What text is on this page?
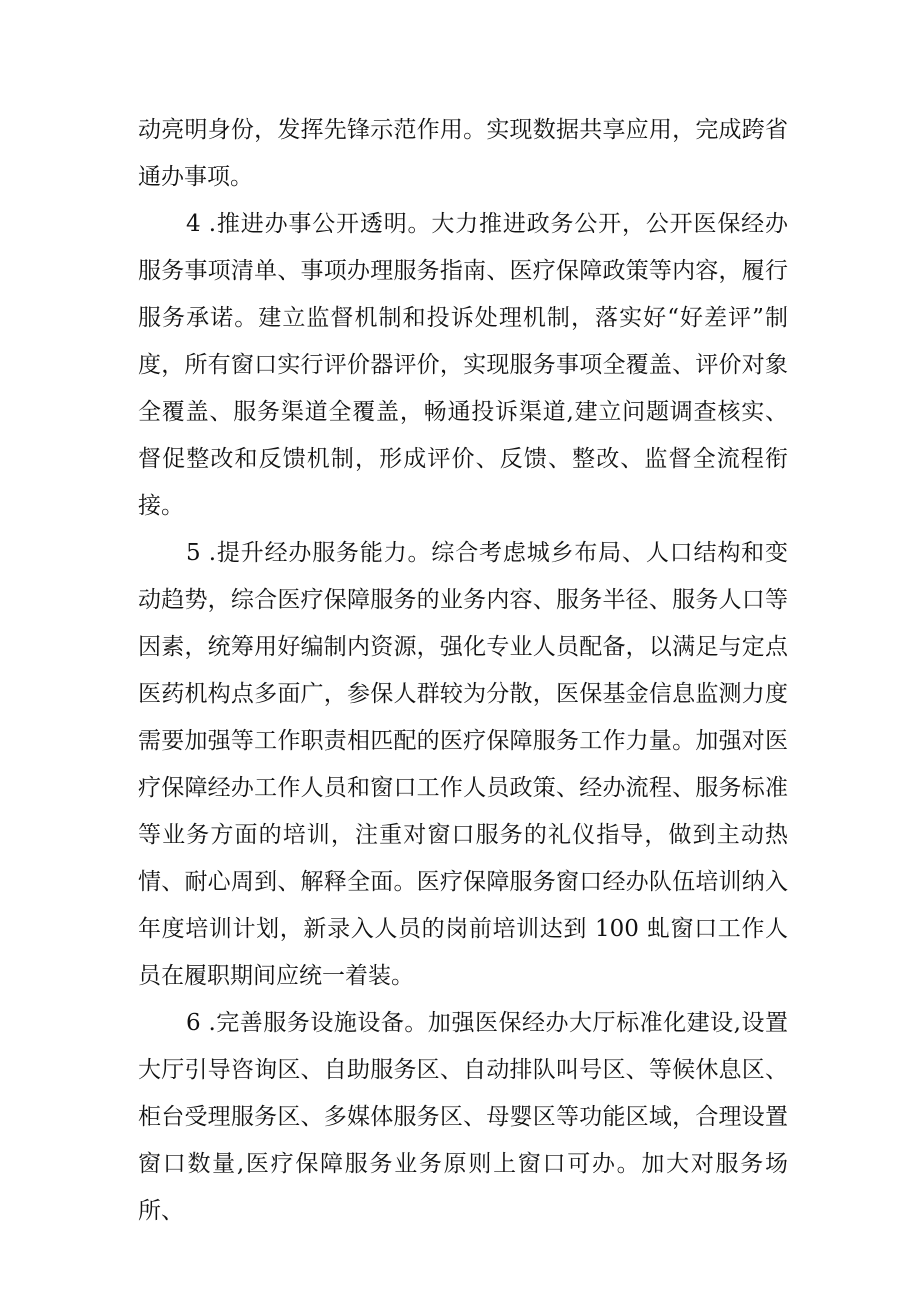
动亮明身份，发挥先锋示范作用。实现数据共享应用，完成跨省通办事项。

4 .推进办事公开透明。大力推进政务公开，公开医保经办服务事项清单、事项办理服务指南、医疗保障政策等内容，履行服务承诺。建立监督机制和投诉处理机制，落实好“好差评”制度，所有窗口实行评价器评价，实现服务事项全覆盖、评价对象全覆盖、服务渠道全覆盖，畅通投诉渠道,建立问题调查核实、督促整改和反馈机制，形成评价、反馈、整改、监督全流程衔接。

5 .提升经办服务能力。综合考虑城乡布局、人口结构和变动趋势，综合医疗保障服务的业务内容、服务半径、服务人口等因素，统筹用好编制内资源，强化专业人员配备，以满足与定点医药机构点多面广，参保人群较为分散，医保基金信息监测力度需要加强等工作职责相匹配的医疗保障服务工作力量。加强对医疗保障经办工作人员和窗口工作人员政策、经办流程、服务标准等业务方面的培训，注重对窗口服务的礼仪指导，做到主动热情、耐心周到、解释全面。医疗保障服务窗口经办队伍培训纳入年度培训计划，新录入人员的岗前培训达到 100 虬窗口工作人员在履职期间应统一着装。

6 .完善服务设施设备。加强医保经办大厅标准化建设,设置大厅引导咨询区、自助服务区、自动排队叫号区、等候休息区、柜台受理服务区、多媒体服务区、母婴区等功能区域，合理设置窗口数量,医疗保障服务业务原则上窗口可办。加大对服务场所、
